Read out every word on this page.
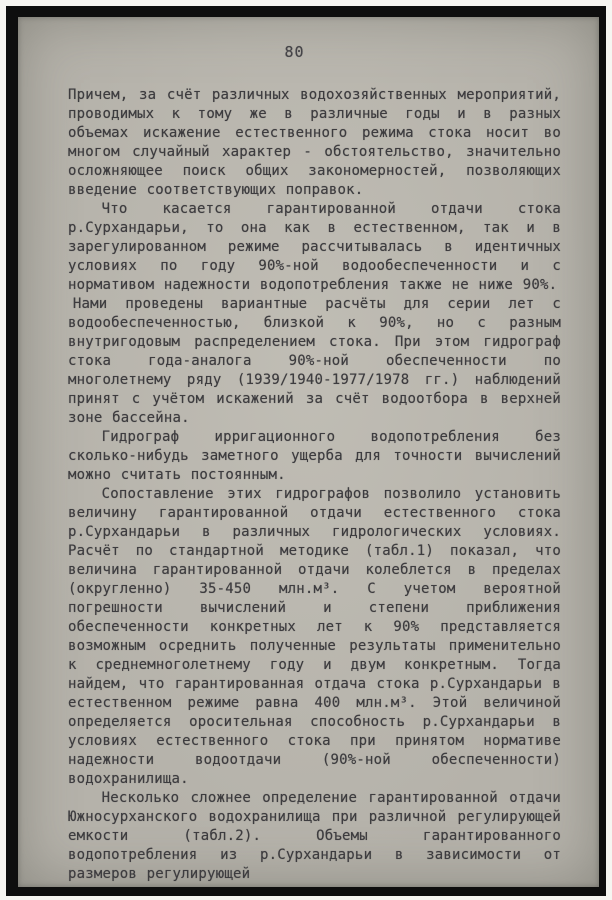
80

Причем, за счёт различных водохозяйственных мероприятий, проводимых к тому же в различные годы и в разных объемах искажение естественного режима стока носит во многом случайный характер - обстоятельство, значительно осложняющее поиск общих закономерностей, позволяющих введение соответствующих поправок.

Что касается гарантированной отдачи стока р.Сурхандарьи, то она как в естественном, так и в зарегулированном режиме рассчитывалась в идентичных условиях по году 90%-ной водообеспеченности и с нормативом надежности водопотребления также не ниже 90%.

Нами проведены вариантные расчёты для серии лет с водообеспеченностью, близкой к 90%, но с разным внутригодовым распределением стока. При этом гидрограф стока года-аналога 90%-ной обеспеченности по многолетнему ряду (1939/1940-1977/1978 гг.) наблюдений принят с учётом искажений за счёт водоотбора в верхней зоне бассейна.

Гидрограф ирригационного водопотребления без сколько-нибудь заметного ущерба для точности вычислений можно считать постоянным.

Сопоставление этих гидрографов позволило установить величину гарантированной отдачи естественного стока р.Сурхандарьи в различных гидрологических условиях. Расчёт по стандартной методике (табл.1) показал, что величина гарантированной отдачи колеблется в пределах (округленно) 35-450 млн.м³. С учетом вероятной погрешности вычислений и степени приближения обеспеченности конкретных лет к 90% представляется возможным осреднить полученные результаты применительно к среднемноголетнему году и двум конкретным. Тогда найдем, что гарантированная отдача стока р.Сурхандарьи в естественном режиме равна 400 млн.м³. Этой величиной определяется оросительная способность р.Сурхандарьи в условиях естественного стока при принятом нормативе надежности водоотдачи (90%-ной обеспеченности) водохранилища.

Несколько сложнее определение гарантированной отдачи Южносурханского водохранилища при различной регулирующей емкости (табл.2). Объемы гарантированного водопотребления из р.Сурхандарьи в зависимости от размеров регулирующей
